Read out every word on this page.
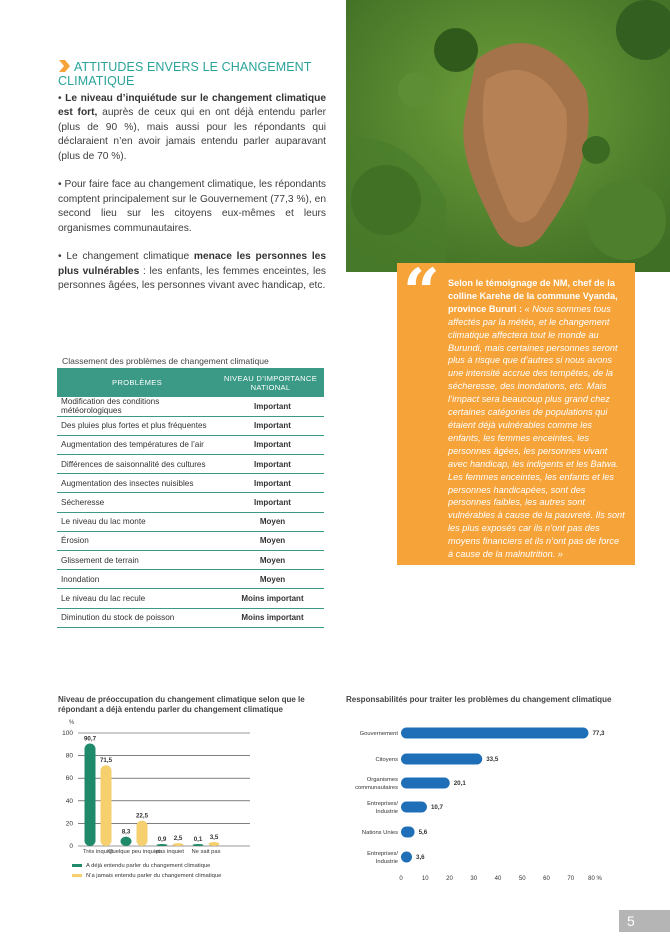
ATTITUDES ENVERS LE CHANGEMENT CLIMATIQUE

• Le niveau d’inquiétude sur le changement climatique est fort, auprès de ceux qui en ont déjà entendu parler (plus de 90 %), mais aussi pour les répondants qui déclaraient n’en avoir jamais entendu parler auparavant (plus de 70 %).

• Pour faire face au changement climatique, les répondants comptent principalement sur le Gouvernement (77,3 %), en second lieu sur les citoyens eux-mêmes et leurs organismes communautaires.

• Le changement climatique menace les personnes les plus vulnérables : les enfants, les femmes enceintes, les personnes âgées, les personnes vivant avec handicap, etc. “ Selon le témoignage de NM, chef de la colline Karehe de la commune Vyanda, province Bururi : « Nous sommes tous affectés par la météo, et le changement climatique affectera tout le monde au Burundi, mais certaines personnes seront plus à risque que d’autres si nous avons une intensité accrue des tempêtes, de la sécheresse, des inondations, etc. Mais l’impact sera beaucoup plus grand chez certaines catégories de populations qui étaient déjà vulnérables comme les enfants, les femmes enceintes, les personnes âgées, les personnes vivant avec handicap, les indigents et les Batwa.
Les femmes enceintes, les enfants et les personnes handicapées, sont des personnes faibles, les autres sont vulnérables à cause de la pauvreté. Ils sont les plus exposés car ils n’ont pas des moyens financiers et ils n’ont pas de force à cause de la malnutrition. »
Classement des problèmes de changement climatique
PROBLÈMES	NIVEAU D’IMPORTANCE NATIONAL
Modification des conditions météorologiques	Important
Des pluies plus fortes et plus fréquentes	Important
Augmentation des températures de l’air	Important
Différences de saisonnalité des cultures	Important
Augmentation des insectes nuisibles	Important
Sécheresse	Important
Le niveau du lac monte	Moyen
Érosion	Moyen
Glissement de terrain	Moyen
Inondation	Moyen
Le niveau du lac recule	Moins important
Diminution du stock de poisson	Moins important
Niveau de préoccupation du changement climatique selon que le répondant a déjà entendu parler du changement climatique
Responsabilités pour traiter les problèmes du changement climatique
%
0
20
40
60
80
100
90,7
71,5
Très inquiet
8,3
22,5
Quelque peu inquiet
0,9 2,5
pas inquiet
0,1 3,5
Ne sait pas
A déjà entendu parler du changement climatique
N’a jamais entendu parler du changement climatique
77,3
Gouvernement
33,5
Citoyens
20,1
Organismes
communautaires
10,7
Entreprises/
Industrie
5,6
Nations Unies
3,6
Entreprises/
Industrie
0	10	20	30	40	50	60	70 80 %
5
